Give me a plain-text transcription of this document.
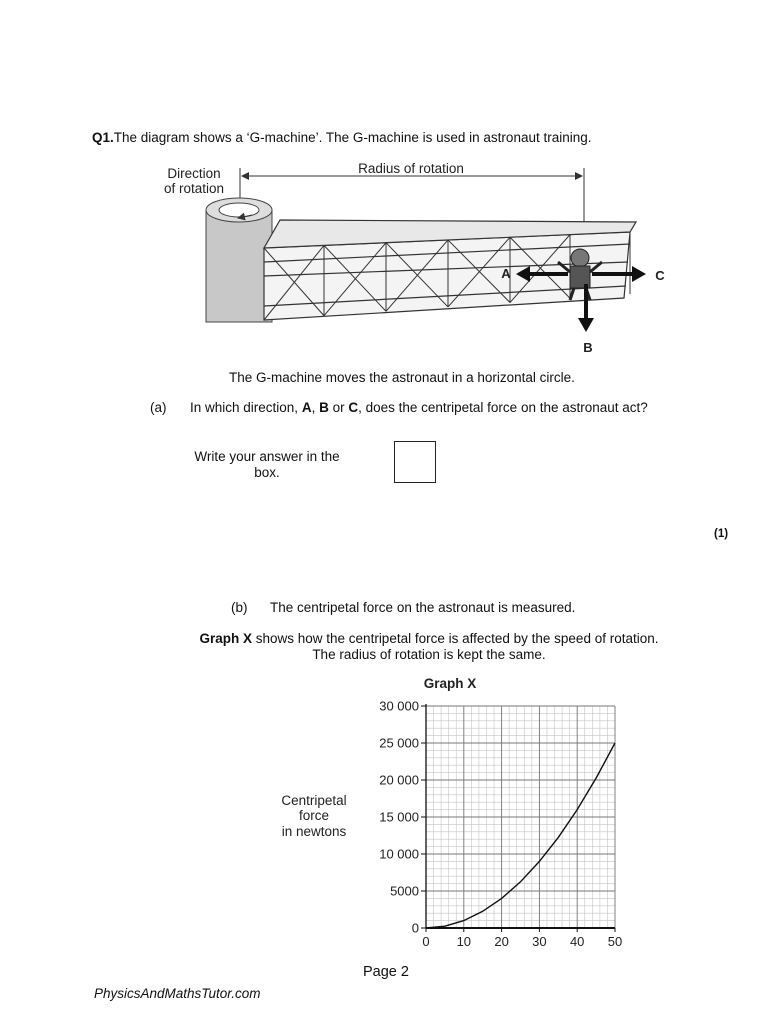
Q1.The diagram shows a ‘G-machine’. The G-machine is used in astronaut training.
Radius of rotation
Direction
of rotation
A	C
B
The G-machine moves the astronaut in a horizontal circle.
(a) In which direction, A, B or C, does the centripetal force on the astronaut act?
Write your answer in the box.
(1)
(b) The centripetal force on the astronaut is measured.
Graph X shows how the centripetal force is affected by the speed of rotation.
The radius of rotation is kept the same.
0
5000
10 000
15 000
20 000
25 000
30 000
0 10 20 30 40 50
Graph X
Centripetal
force
in newtons
Page 2
PhysicsAndMathsTutor.com
